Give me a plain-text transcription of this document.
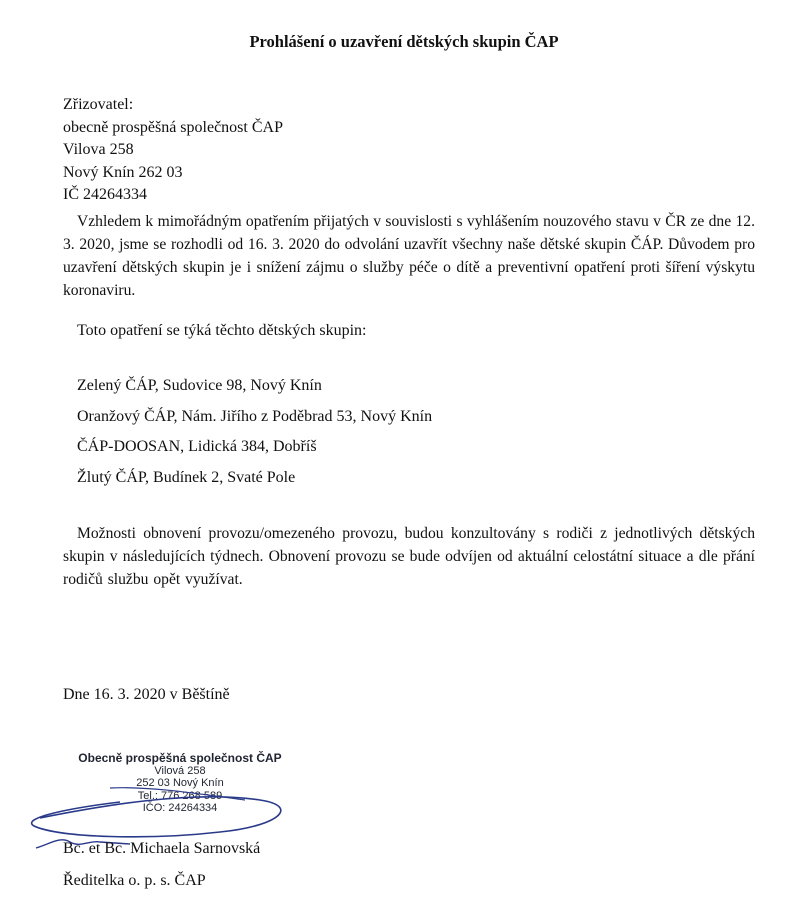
Prohlášení o uzavření dětských skupin ČAP
Zřizovatel:
obecně prospěšná společnost ČAP
Vilova 258
Nový Knín 262 03
IČ 24264334
Vzhledem k mimořádným opatřením přijatých v souvislosti s vyhlášením nouzového stavu v ČR ze dne 12. 3. 2020, jsme se rozhodli od 16. 3. 2020 do odvolání uzavřít všechny naše dětské skupin ČÁP. Důvodem pro uzavření dětských skupin je i snížení zájmu o služby péče o dítě a preventivní opatření proti šíření výskytu koronaviru.
Toto opatření se týká těchto dětských skupin:
Zelený ČÁP, Sudovice 98, Nový Knín
Oranžový ČÁP, Nám. Jiřího z Poděbrad 53, Nový Knín
ČÁP-DOOSAN, Lidická 384, Dobříš
Žlutý ČÁP, Budínek 2, Svaté Pole
Možnosti obnovení provozu/omezeného provozu, budou konzultovány s rodiči z jednotlivých dětských skupin v následujících týdnech. Obnovení provozu se bude odvíjen od aktuální celostátní situace a dle přání rodičů službu opět využívat.
Dne 16. 3. 2020 v Běštíně
Obecně prospěšná společnost ČAP
Vilová 258
252 03 Nový Knín
Tel.: 776 268 589
IČO: 24264334
Bc. et Bc. Michaela Sarnovská
Ředitelka o. p. s. ČAP
